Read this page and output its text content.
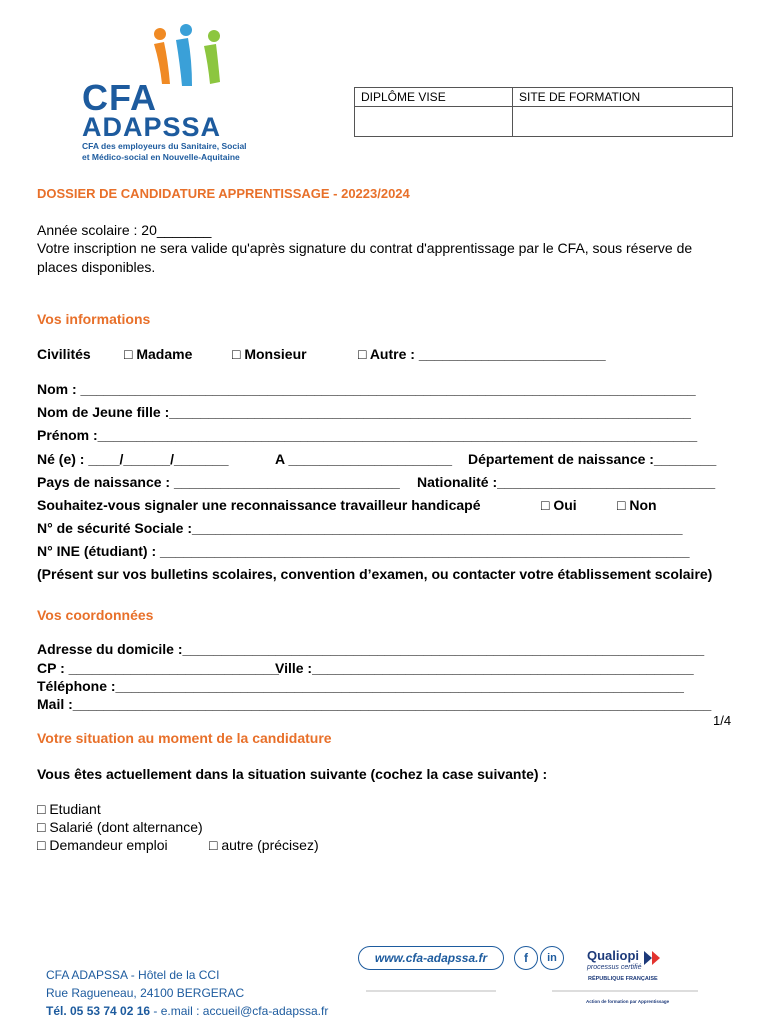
CFA
ADAPSSA
CFA des employeurs du Sanitaire, Social
et Médico-social en Nouvelle-Aquitaine
DIPLÔME VISE	SITE DE FORMATION

DOSSIER DE CANDIDATURE APPRENTISSAGE - 20223/2024
Année scolaire : 20_______
Votre inscription ne sera valide qu'après signature du contrat d'apprentissage par le CFA, sous réserve de
places disponibles.
Vos informations
Civilités □ Madame	□ Monsieur	□ Autre : ________________________
Nom : _______________________________________________________________________________
Nom de Jeune fille :___________________________________________________________________
Prénom :_____________________________________________________________________________
Né (e) : ____/______/_______	A _____________________ Département de naissance :________
Pays de naissance : _____________________________ Nationalité :____________________________
Souhaitez-vous signaler une reconnaissance travailleur handicapé	□ Oui	□ Non
N° de sécurité Sociale :_______________________________________________________________
N° INE (étudiant) : ____________________________________________________________________
(Présent sur vos bulletins scolaires, convention d’examen, ou contacter votre établissement scolaire)
Vos coordonnées
Adresse du domicile :___________________________________________________________________
CP : ___________________________
Ville :_________________________________________________
Téléphone :_________________________________________________________________________
Mail :__________________________________________________________________________________
1/4
Votre situation au moment de la candidature
Vous êtes actuellement dans la situation suivante (cochez la case suivante) :
□ Etudiant
□ Salarié (dont alternance)
□ Demandeur emploi	□ autre (précisez)
CFA ADAPSSA - Hôtel de la CCI
Rue Ragueneau, 24100 BERGERAC
Tél. 05 53 74 02 16 - e.mail : accueil@cfa-adapssa.fr
www.cfa-adapssa.fr	f	in
	Qualiopi
processus certifié
RÉPUBLIQUE FRANÇAISE
Action de formation par Apprentissage
